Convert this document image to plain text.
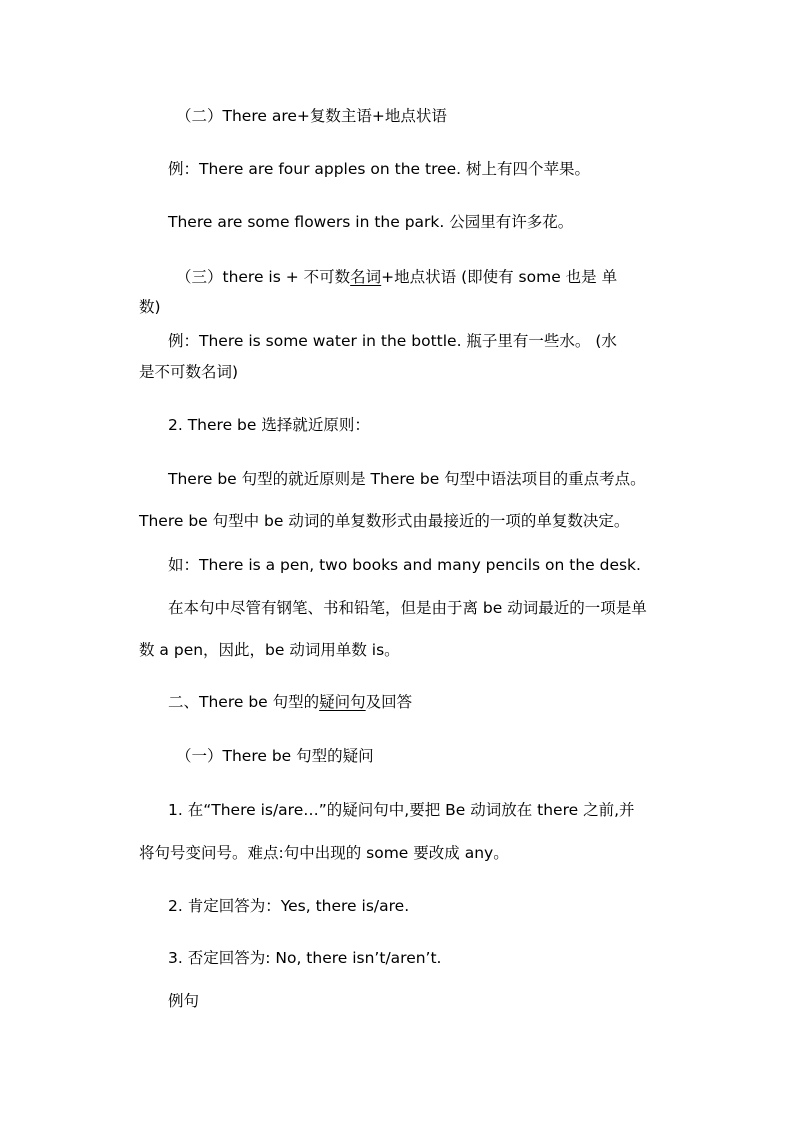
（二）There are+复数主语+地点状语
例：There are four apples on the tree. 树上有四个苹果。
There are some flowers in the park. 公园里有许多花。
（三）there is + 不可数名词+地点状语 (即使有 some 也是 单
数)
例：There is some water in the bottle. 瓶子里有一些水。 (水
是不可数名词)
2. There be 选择就近原则：
There be 句型的就近原则是 There be 句型中语法项目的重点考点。
There be 句型中 be 动词的单复数形式由最接近的一项的单复数决定。
如：There is a pen, two books and many pencils on the desk.
在本句中尽管有钢笔、书和铅笔，但是由于离 be 动词最近的一项是单
数 a pen，因此，be 动词用单数 is。
二、There be 句型的疑问句及回答
（一）There be 句型的疑问
1. 在“There is/are…”的疑问句中,要把 Be 动词放在 there 之前,并
将句号变问号。难点:句中出现的 some 要改成 any。
2. 肯定回答为：Yes, there is/are.
3. 否定回答为: No, there isn’t/aren’t.
例句
